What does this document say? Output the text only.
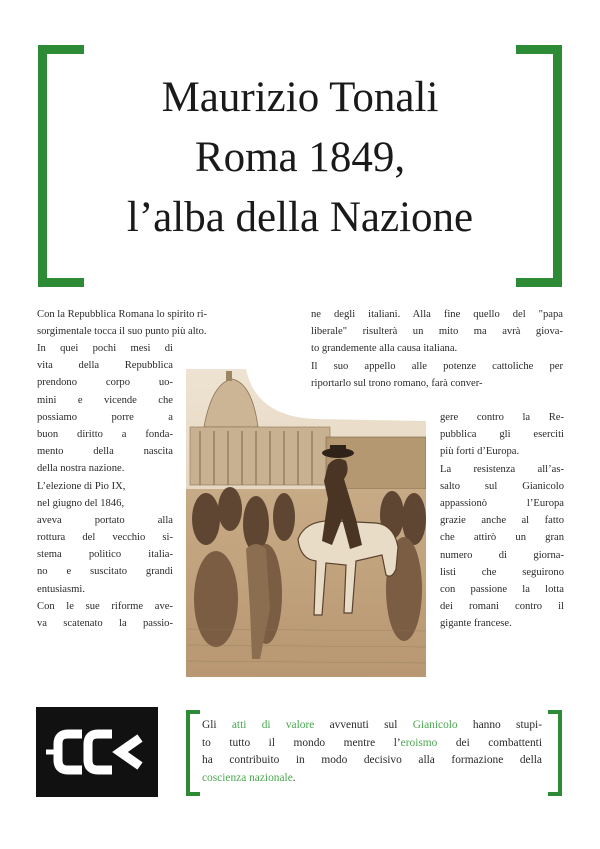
Maurizio Tonali
Roma 1849,
l’alba della Nazione
Con la Repubblica Romana lo spirito ri-
sorgimentale tocca il suo punto più alto.
In quei pochi mesi di
vita della Repubblica
prendono corpo uo-
mini e vicende che
possiamo porre a
buon diritto a fonda-
mento della nascita
della nostra nazione.
L’elezione di Pio IX,
nel giugno del 1846,
aveva portato alla
rottura del vecchio si-
stema politico italia-
no e suscitato grandi
entusiasmi.
Con le sue riforme ave-
va scatenato la passio-
ne degli italiani. Alla fine quello del "papa
liberale" risulterà un mito ma avrà giova-
to grandemente alla causa italiana.
Il suo appello alle potenze cattoliche per
riportarlo sul trono romano, farà conver-
gere contro la Re-
pubblica gli eserciti
più forti d’Europa.
La resistenza all’as-
salto sul Gianicolo
appassionò l’Europa
grazie anche al fatto
che attirò un gran
numero di giorna-
listi che seguirono
con passione la lotta
dei romani contro il
gigante francese.
Gli atti di valore avvenuti sul Gianicolo hanno stupi-
to tutto il mondo mentre l’eroismo dei combattenti
ha contribuito in modo decisivo alla formazione della
coscienza nazionale.
